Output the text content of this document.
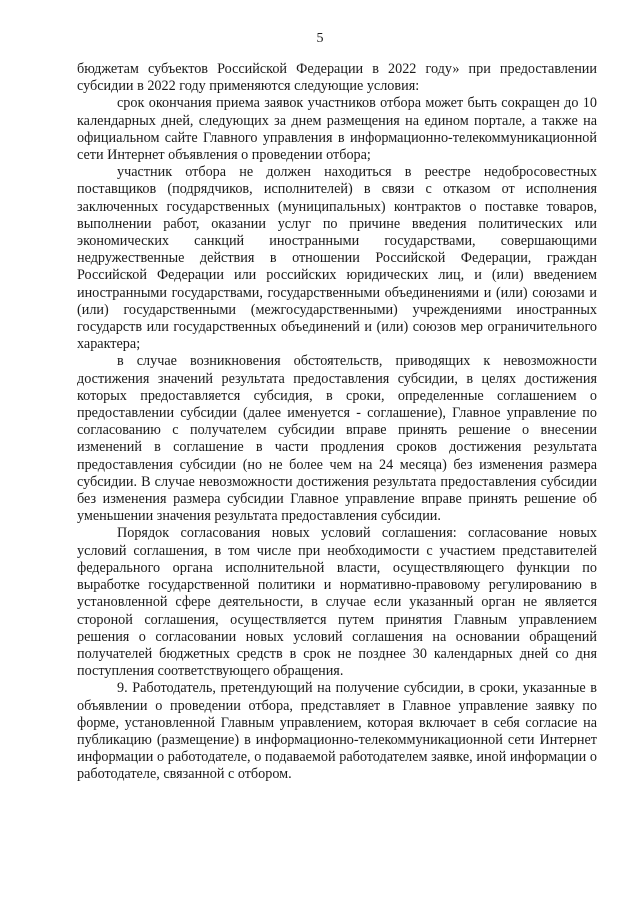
5

бюджетам субъектов Российской Федерации в 2022 году» при предоставлении субсидии в 2022 году применяются следующие условия:

срок окончания приема заявок участников отбора может быть сокращен до 10 календарных дней, следующих за днем размещения на едином портале, а также на официальном сайте Главного управления в информационно-телекоммуникационной сети Интернет объявления о проведении отбора;

участник отбора не должен находиться в реестре недобросовестных поставщиков (подрядчиков, исполнителей) в связи с отказом от исполнения заключенных государственных (муниципальных) контрактов о поставке товаров, выполнении работ, оказании услуг по причине введения политических или экономических санкций иностранными государствами, совершающими недружественные действия в отношении Российской Федерации, граждан Российской Федерации или российских юридических лиц, и (или) введением иностранными государствами, государственными объединениями и (или) союзами и (или) государственными (межгосударственными) учреждениями иностранных государств или государственных объединений и (или) союзов мер ограничительного характера;

в случае возникновения обстоятельств, приводящих к невозможности достижения значений результата предоставления субсидии, в целях достижения которых предоставляется субсидия, в сроки, определенные соглашением о предоставлении субсидии (далее именуется - соглашение), Главное управление по согласованию с получателем субсидии вправе принять решение о внесении изменений в соглашение в части продления сроков достижения результата предоставления субсидии (но не более чем на 24 месяца) без изменения размера субсидии. В случае невозможности достижения результата предоставления субсидии без изменения размера субсидии Главное управление вправе принять решение об уменьшении значения результата предоставления субсидии.

Порядок согласования новых условий соглашения: согласование новых условий соглашения, в том числе при необходимости с участием представителей федерального органа исполнительной власти, осуществляющего функции по выработке государственной политики и нормативно-правовому регулированию в установленной сфере деятельности, в случае если указанный орган не является стороной соглашения, осуществляется путем принятия Главным управлением решения о согласовании новых условий соглашения на основании обращений получателей бюджетных средств в срок не позднее 30 календарных дней со дня поступления соответствующего обращения.

9. Работодатель, претендующий на получение субсидии, в сроки, указанные в объявлении о проведении отбора, представляет в Главное управление заявку по форме, установленной Главным управлением, которая включает в себя согласие на публикацию (размещение) в информационно-телекоммуникационной сети Интернет информации о работодателе, о подаваемой работодателем заявке, иной информации о работодателе, связанной с отбором.
